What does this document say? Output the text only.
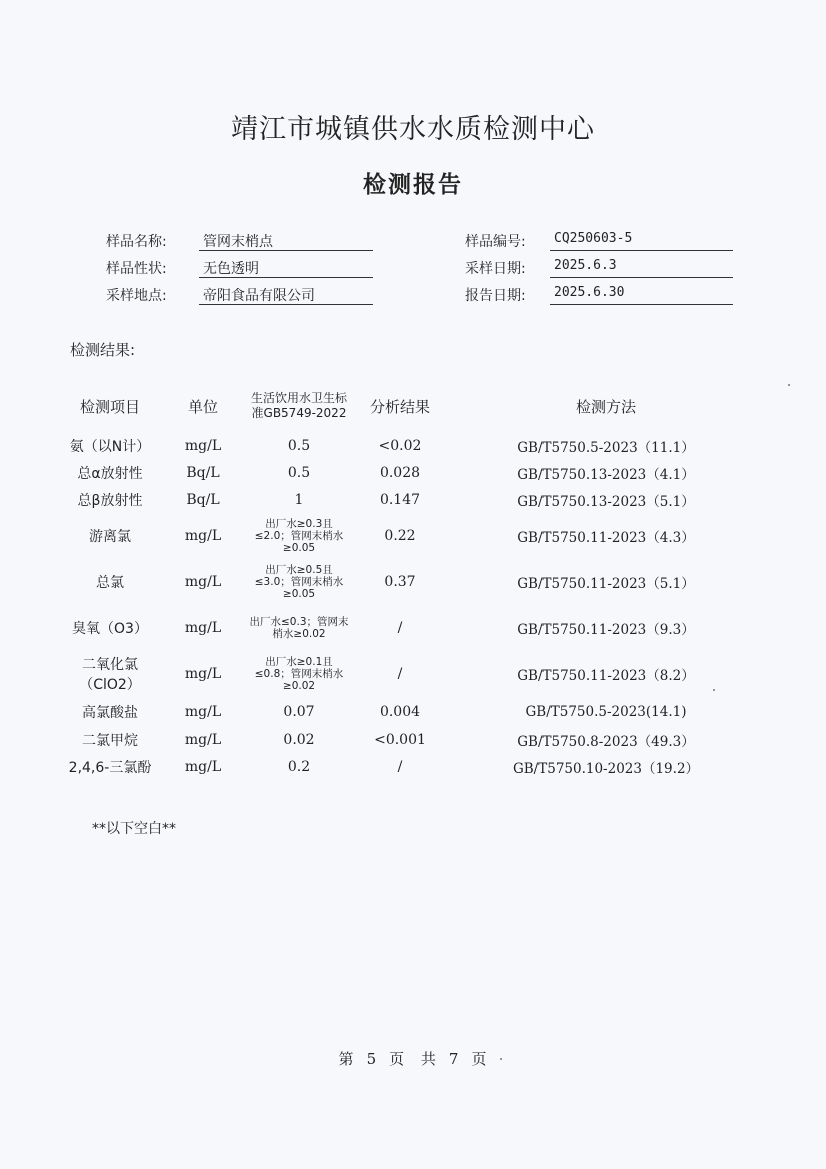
靖江市城镇供水水质检测中心
检测报告
样品名称:	管网末梢点
样品性状:	无色透明
采样地点:	帝阳食品有限公司
样品编号:	CQ250603-5
采样日期:	2025.6.3
报告日期:	2025.6.30
检测结果:
检测项目	单位	生活饮用水卫生标准GB5749-2022	分析结果	检测方法
氨（以N计）	mg/L	0.5	<0.02	GB/T5750.5-2023（11.1）
总α放射性	Bq/L	0.5	0.028	GB/T5750.13-2023（4.1）
总β放射性	Bq/L	1	0.147	GB/T5750.13-2023（5.1）
游离氯	mg/L	出厂水≥0.3且≤2.0；管网末梢水≥0.05	0.22	GB/T5750.11-2023（4.3）
总氯	mg/L	出厂水≥0.5且≤3.0；管网末梢水≥0.05	0.37	GB/T5750.11-2023（5.1）
臭氧（O3）	mg/L	出厂水≤0.3；管网末梢水≥0.02	/	GB/T5750.11-2023（9.3）
二氧化氯（ClO2）	mg/L	出厂水≥0.1且≤0.8；管网末梢水≥0.02	/	GB/T5750.11-2023（8.2）
高氯酸盐	mg/L	0.07	0.004	GB/T5750.5-2023(14.1)
二氯甲烷	mg/L	0.02	<0.001	GB/T5750.8-2023（49.3）
2,4,6-三氯酚	mg/L	0.2	/	GB/T5750.10-2023（19.2）
**以下空白**
第 5 页 共 7 页
